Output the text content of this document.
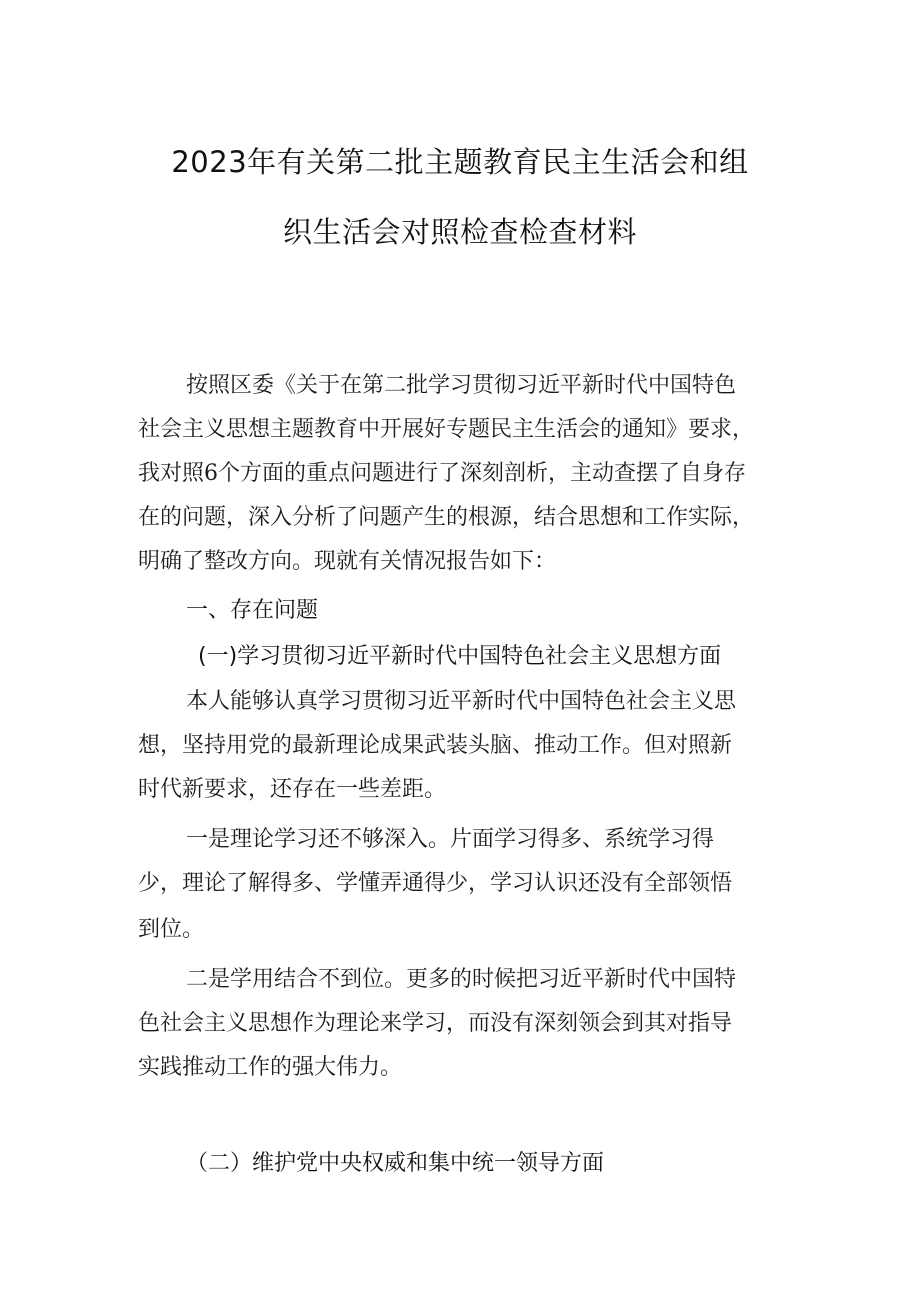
2023年有关第二批主题教育民主生活会和组
织生活会对照检查检查材料
按照区委《关于在第二批学习贯彻习近平新时代中国特色
社会主义思想主题教育中开展好专题民主生活会的通知》要求，
我对照6个方面的重点问题进行了深刻剖析，主动查摆了自身存
在的问题，深入分析了问题产生的根源，结合思想和工作实际，
明确了整改方向。现就有关情况报告如下：
一、存在问题
(一)学习贯彻习近平新时代中国特色社会主义思想方面
本人能够认真学习贯彻习近平新时代中国特色社会主义思
想，坚持用党的最新理论成果武装头脑、推动工作。但对照新
时代新要求，还存在一些差距。
一是理论学习还不够深入。片面学习得多、系统学习得
少，理论了解得多、学懂弄通得少，学习认识还没有全部领悟
到位。
二是学用结合不到位。更多的时候把习近平新时代中国特
色社会主义思想作为理论来学习，而没有深刻领会到其对指导
实践推动工作的强大伟力。
（二）维护党中央权威和集中统一领导方面
